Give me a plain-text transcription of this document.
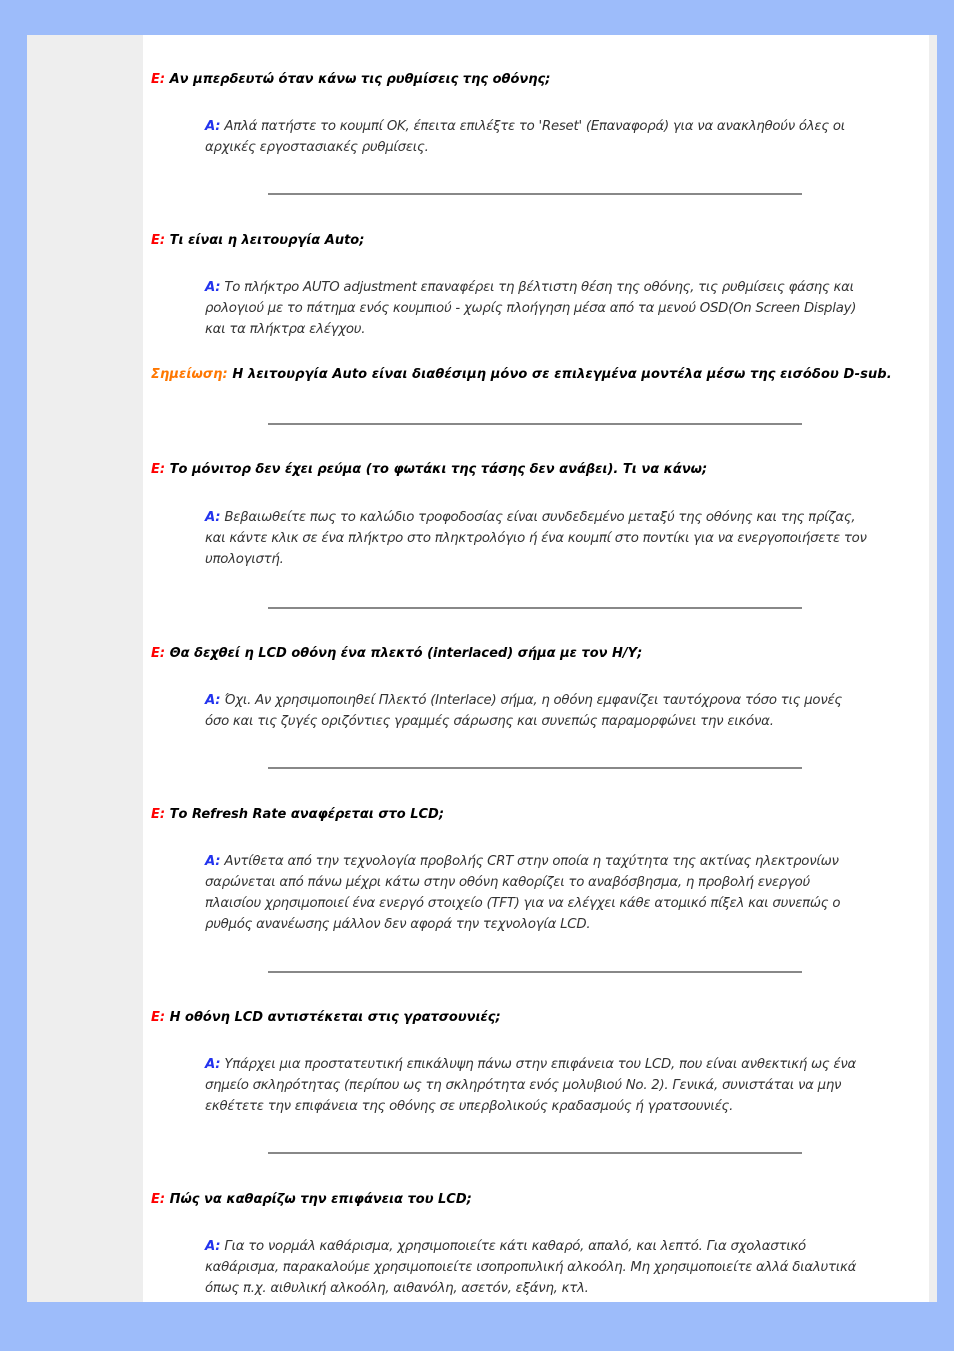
E: Αν μπερδευτώ όταν κάνω τις ρυθμίσεις της οθόνης;
A: Απλά πατήστε το κουμπί OK, έπειτα επιλέξτε το 'Reset' (Επαναφορά) για να ανακληθούν όλες οι αρχικές εργοστασιακές ρυθμίσεις.
E: Τι είναι η λειτουργία Auto;
A: Το πλήκτρο AUTO adjustment επαναφέρει τη βέλτιστη θέση της οθόνης, τις ρυθμίσεις φάσης και ρολογιού με το πάτημα ενός κουμπιού - χωρίς πλοήγηση μέσα από τα μενού OSD(On Screen Display) και τα πλήκτρα ελέγχου.
Σημείωση: Η λειτουργία Auto είναι διαθέσιμη μόνο σε επιλεγμένα μοντέλα μέσω της εισόδου D-sub.
E: Το μόνιτορ δεν έχει ρεύμα (το φωτάκι της τάσης δεν ανάβει). Τι να κάνω;
A: Βεβαιωθείτε πως το καλώδιο τροφοδοσίας είναι συνδεδεμένο μεταξύ της οθόνης και της πρίζας, και κάντε κλικ σε ένα πλήκτρο στο πληκτρολόγιο ή ένα κουμπί στο ποντίκι για να ενεργοποιήσετε τον υπολογιστή.
E: Θα δεχθεί η LCD οθόνη ένα πλεκτό (interlaced) σήμα με τον Η/Υ;
A: Όχι. Αν χρησιμοποιηθεί Πλεκτό (Interlace) σήμα, η οθόνη εμφανίζει ταυτόχρονα τόσο τις μονές όσο και τις ζυγές οριζόντιες γραμμές σάρωσης και συνεπώς παραμορφώνει την εικόνα.
E: Το Refresh Rate αναφέρεται στο LCD;
A: Αντίθετα από την τεχνολογία προβολής CRT στην οποία η ταχύτητα της ακτίνας ηλεκτρονίων σαρώνεται από πάνω μέχρι κάτω στην οθόνη καθορίζει το αναβόσβησμα, η προβολή ενεργού πλαισίου χρησιμοποιεί ένα ενεργό στοιχείο (TFT) για να ελέγχει κάθε ατομικό πίξελ και συνεπώς ο ρυθμός ανανέωσης μάλλον δεν αφορά την τεχνολογία LCD.
E: Η οθόνη LCD αντιστέκεται στις γρατσουνιές;
A: Υπάρχει μια προστατευτική επικάλυψη πάνω στην επιφάνεια του LCD, που είναι ανθεκτική ως ένα σημείο σκληρότητας (περίπου ως τη σκληρότητα ενός μολυβιού No. 2). Γενικά, συνιστάται να μην εκθέτετε την επιφάνεια της οθόνης σε υπερβολικούς κραδασμούς ή γρατσουνιές.
E: Πώς να καθαρίζω την επιφάνεια του LCD;
A: Για το νορμάλ καθάρισμα, χρησιμοποιείτε κάτι καθαρό, απαλό, και λεπτό. Για σχολαστικό καθάρισμα, παρακαλούμε χρησιμοποιείτε ισοπροπυλική αλκοόλη. Μη χρησιμοποιείτε αλλά διαλυτικά όπως π.χ. αιθυλική αλκοόλη, αιθανόλη, ασετόν, εξάνη, κτλ.
